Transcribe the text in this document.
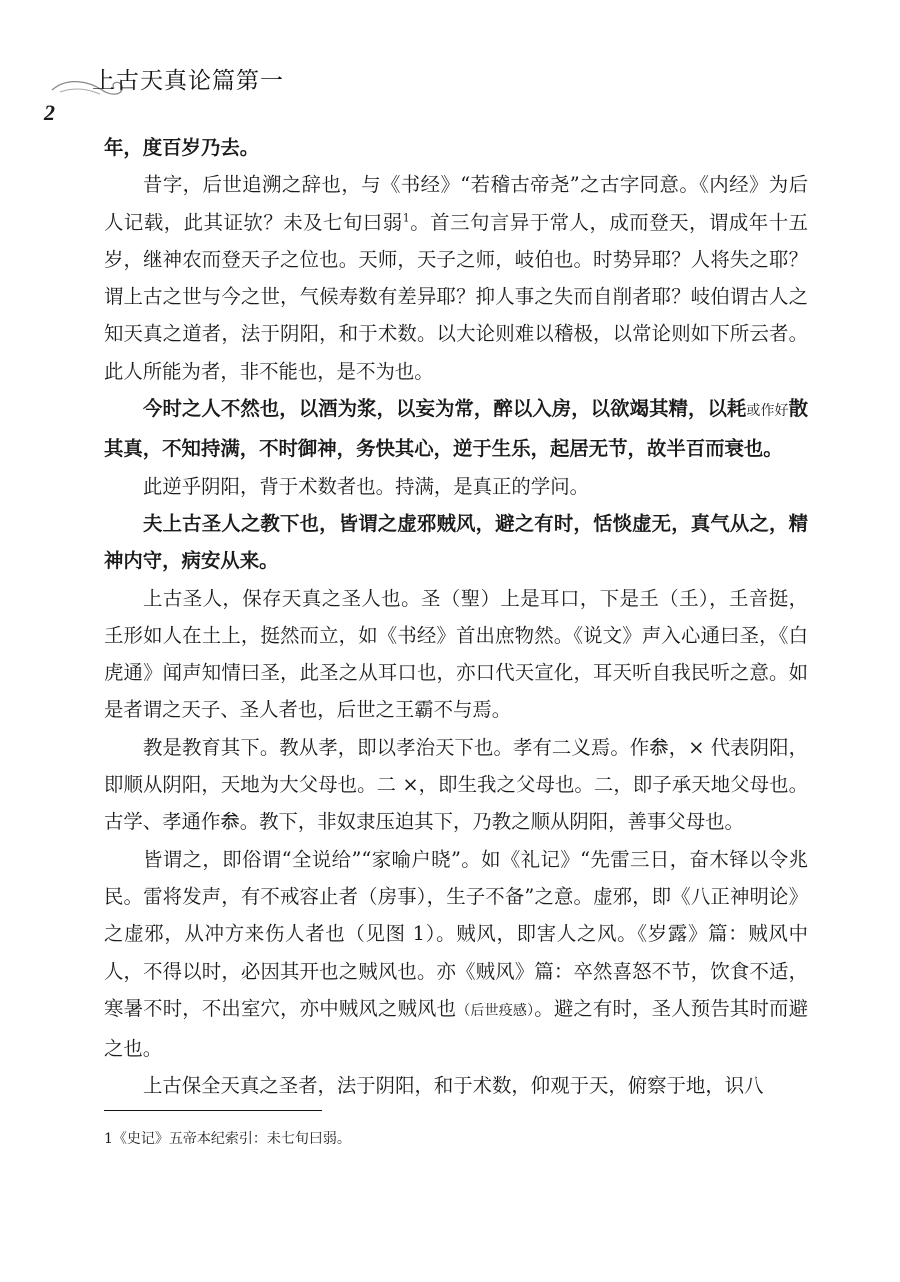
上古天真论篇第一
2

年，度百岁乃去。

昔字，后世追溯之辞也，与《书经》“若稽古帝尧”之古字同意。《内经》为后人记载，此其证欤？未及七旬曰弱$^1$。首三句言异于常人，成而登天，谓成年十五岁，继神农而登天子之位也。天师，天子之师，岐伯也。时势异耶？人将失之耶？谓上古之世与今之世，气候寿数有差异耶？抑人事之失而自削者耶？岐伯谓古人之知天真之道者，法于阴阳，和于术数。以大论则难以稽极，以常论则如下所云者。此人所能为者，非不能也，是不为也。

今时之人不然也，以酒为浆，以妄为常，醉以入房，以欲竭其精，以耗或作好散其真，不知持满，不时御神，务快其心，逆于生乐，起居无节，故半百而衰也。

此逆乎阴阳，背于术数者也。持满，是真正的学问。

夫上古圣人之教下也，皆谓之虚邪贼风，避之有时，恬惔虚无，真气从之，精神内守，病安从来。

上古圣人，保存天真之圣人也。圣（聖）上是耳口，下是𡈼（𡈼），𡈼音挺，𡈼形如人在土上，挺然而立，如《书经》首出庶物然。《说文》声入心通曰圣，《白虎通》闻声知情曰圣，此圣之从耳口也，亦口代天宣化，耳天听自我民听之意。如是者谓之天子、圣人者也，后世之王霸不与焉。

教是教育其下。教从孝，即以孝治天下也。孝有二义焉。作𠫵，× 代表阴阳，即顺从阴阳，天地为大父母也。二 ×，即生我之父母也。二，即子承天地父母也。古学、孝通作𠫵。教下，非奴隶压迫其下，乃教之顺从阴阳，善事父母也。

皆谓之，即俗谓“全说给”“家喻户晓”。如《礼记》“先雷三日，奋木铎以令兆民。雷将发声，有不戒容止者（房事），生子不备”之意。虚邪，即《八正神明论》之虚邪，从冲方来伤人者也（见图 1）。贼风，即害人之风。《岁露》篇：贼风中人，不得以时，必因其开也之贼风也。亦《贼风》篇：卒然喜怒不节，饮食不适，寒暑不时，不出室穴，亦中贼风之贼风也（后世疫感）。避之有时，圣人预告其时而避之也。

上古保全天真之圣者，法于阴阳，和于术数，仰观于天，俯察于地，识八

1《史记》五帝本纪索引：未七旬曰弱。
